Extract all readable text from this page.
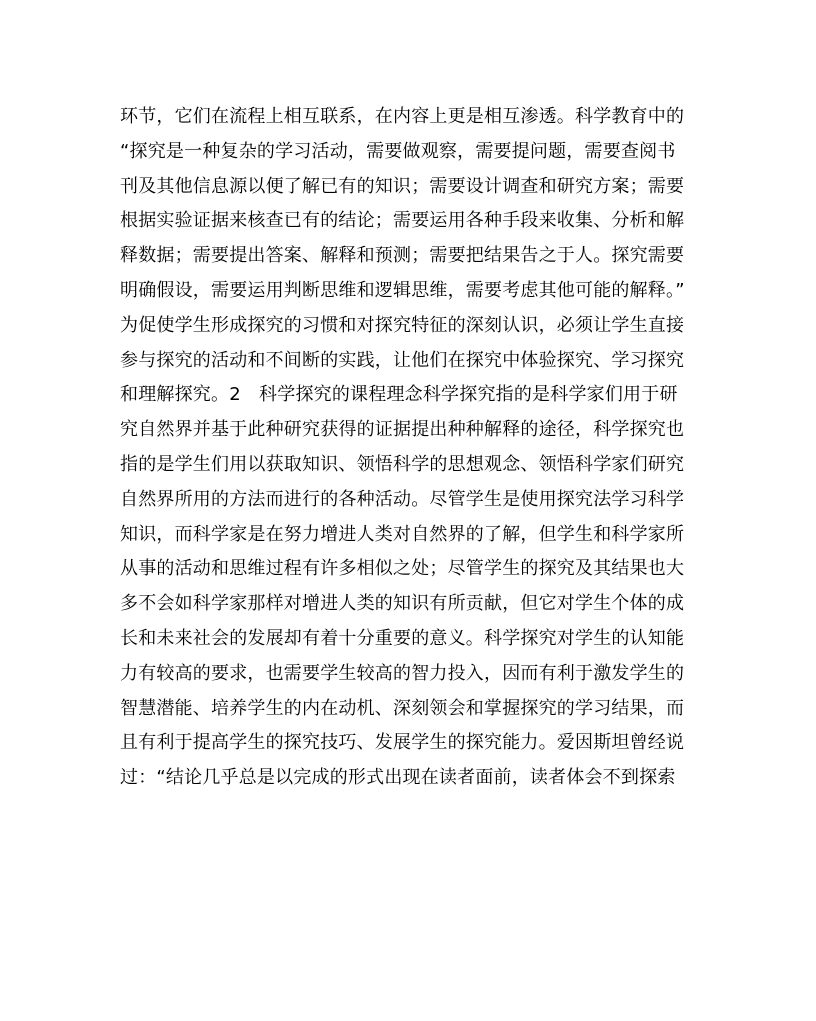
环节，它们在流程上相互联系，在内容上更是相互渗透。科学教育中的
“探究是一种复杂的学习活动，需要做观察，需要提问题，需要查阅书
刊及其他信息源以便了解已有的知识；需要设计调查和研究方案；需要
根据实验证据来核查已有的结论；需要运用各种手段来收集、分析和解
释数据；需要提出答案、解释和预测；需要把结果告之于人。探究需要
明确假设，需要运用判断思维和逻辑思维，需要考虑其他可能的解释。”
为促使学生形成探究的习惯和对探究特征的深刻认识，必须让学生直接
参与探究的活动和不间断的实践，让他们在探究中体验探究、学习探究
和理解探究。2　科学探究的课程理念科学探究指的是科学家们用于研
究自然界并基于此种研究获得的证据提出种种解释的途径，科学探究也
指的是学生们用以获取知识、领悟科学的思想观念、领悟科学家们研究
自然界所用的方法而进行的各种活动。尽管学生是使用探究法学习科学
知识，而科学家是在努力增进人类对自然界的了解，但学生和科学家所
从事的活动和思维过程有许多相似之处；尽管学生的探究及其结果也大
多不会如科学家那样对增进人类的知识有所贡献，但它对学生个体的成
长和未来社会的发展却有着十分重要的意义。科学探究对学生的认知能
力有较高的要求，也需要学生较高的智力投入，因而有利于激发学生的
智慧潜能、培养学生的内在动机、深刻领会和掌握探究的学习结果，而
且有利于提高学生的探究技巧、发展学生的探究能力。爱因斯坦曾经说
过：“结论几乎总是以完成的形式出现在读者面前，读者体会不到探索
